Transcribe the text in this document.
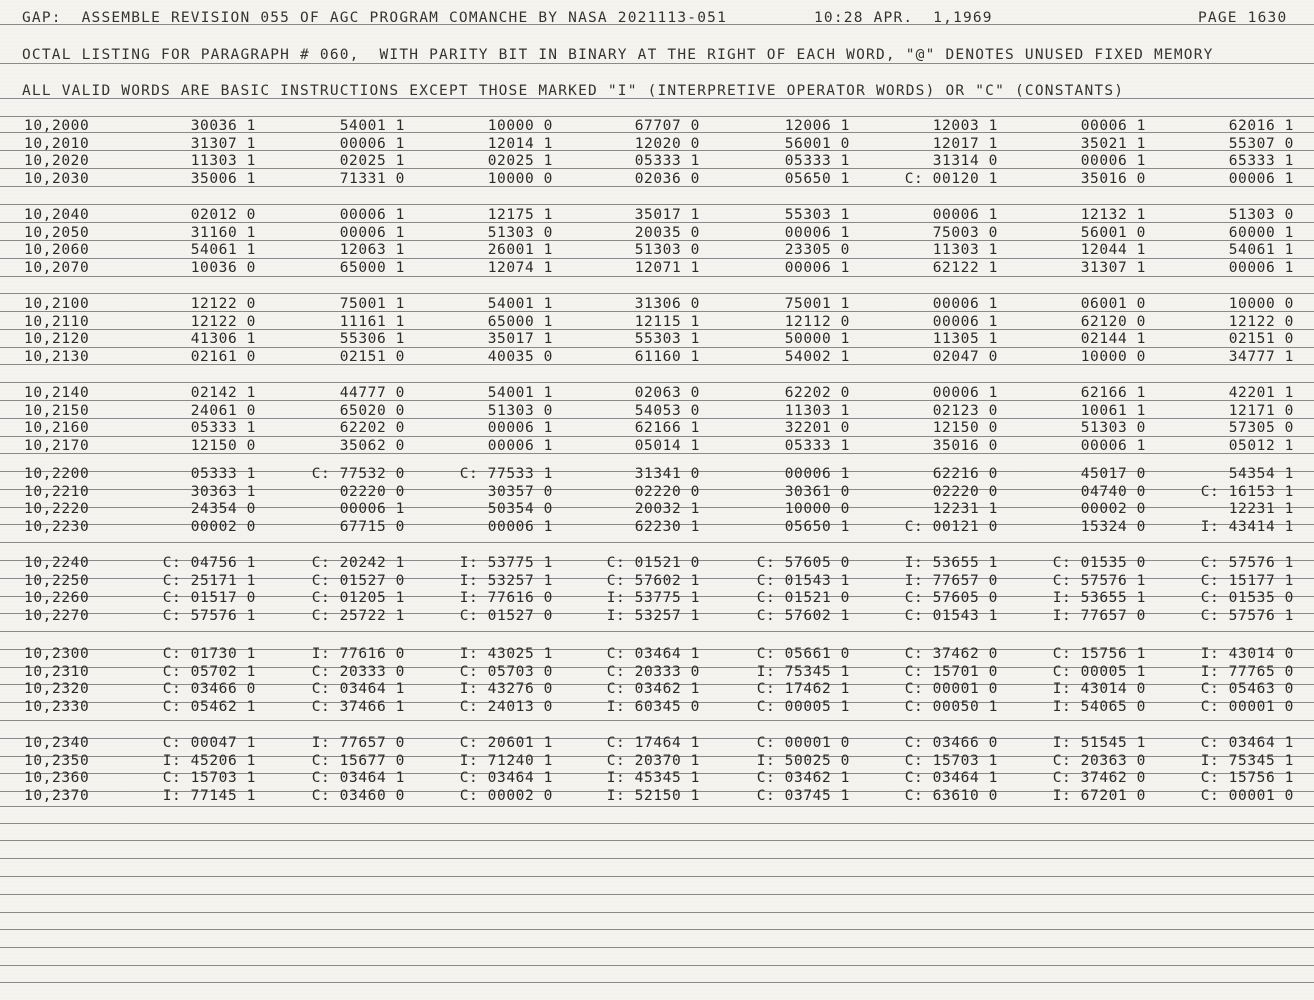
GAP:  ASSEMBLE REVISION 055 OF AGC PROGRAM COMANCHE BY NASA 2021113-051	10:28 APR.  1,1969	PAGE 1630
OCTAL LISTING FOR PARAGRAPH # 060,  WITH PARITY BIT IN BINARY AT THE RIGHT OF EACH WORD, "@" DENOTES UNUSED FIXED MEMORY
ALL VALID WORDS ARE BASIC INSTRUCTIONS EXCEPT THOSE MARKED "I" (INTERPRETIVE OPERATOR WORDS) OR "C" (CONSTANTS)
10,2000	30036 1	54001 1	10000 0	67707 0	12006 1	12003 1	00006 1	62016 1
10,2010	31307 1	00006 1	12014 1	12020 0	56001 0	12017 1	35021 1	55307 0
10,2020	11303 1	02025 1	02025 1	05333 1	05333 1	31314 0	00006 1	65333 1
10,2030	35006 1	71331 0	10000 0	02036 0	05650 1	C: 00120 1	35016 0	00006 1
10,2040	02012 0	00006 1	12175 1	35017 1	55303 1	00006 1	12132 1	51303 0
10,2050	31160 1	00006 1	51303 0	20035 0	00006 1	75003 0	56001 0	60000 1
10,2060	54061 1	12063 1	26001 1	51303 0	23305 0	11303 1	12044 1	54061 1
10,2070	10036 0	65000 1	12074 1	12071 1	00006 1	62122 1	31307 1	00006 1
10,2100	12122 0	75001 1	54001 1	31306 0	75001 1	00006 1	06001 0	10000 0
10,2110	12122 0	11161 1	65000 1	12115 1	12112 0	00006 1	62120 0	12122 0
10,2120	41306 1	55306 1	35017 1	55303 1	50000 1	11305 1	02144 1	02151 0
10,2130	02161 0	02151 0	40035 0	61160 1	54002 1	02047 0	10000 0	34777 1
10,2140	02142 1	44777 0	54001 1	02063 0	62202 0	00006 1	62166 1	42201 1
10,2150	24061 0	65020 0	51303 0	54053 0	11303 1	02123 0	10061 1	12171 0
10,2160	05333 1	62202 0	00006 1	62166 1	32201 0	12150 0	51303 0	57305 0
10,2170	12150 0	35062 0	00006 1	05014 1	05333 1	35016 0	00006 1	05012 1
10,2200	05333 1	C: 77532 0	C: 77533 1	31341 0	00006 1	62216 0	45017 0	54354 1
10,2210	30363 1	02220 0	30357 0	02220 0	30361 0	02220 0	04740 0	C: 16153 1
10,2220	24354 0	00006 1	50354 0	20032 1	10000 0	12231 1	00002 0	12231 1
10,2230	00002 0	67715 0	00006 1	62230 1	05650 1	C: 00121 0	15324 0	I: 43414 1
10,2240	C: 04756 1	C: 20242 1	I: 53775 1	C: 01521 0	C: 57605 0	I: 53655 1	C: 01535 0	C: 57576 1
10,2250	C: 25171 1	C: 01527 0	I: 53257 1	C: 57602 1	C: 01543 1	I: 77657 0	C: 57576 1	C: 15177 1
10,2260	C: 01517 0	C: 01205 1	I: 77616 0	I: 53775 1	C: 01521 0	C: 57605 0	I: 53655 1	C: 01535 0
10,2270	C: 57576 1	C: 25722 1	C: 01527 0	I: 53257 1	C: 57602 1	C: 01543 1	I: 77657 0	C: 57576 1
10,2300	C: 01730 1	I: 77616 0	I: 43025 1	C: 03464 1	C: 05661 0	C: 37462 0	C: 15756 1	I: 43014 0
10,2310	C: 05702 1	C: 20333 0	C: 05703 0	C: 20333 0	I: 75345 1	C: 15701 0	C: 00005 1	I: 77765 0
10,2320	C: 03466 0	C: 03464 1	I: 43276 0	C: 03462 1	C: 17462 1	C: 00001 0	I: 43014 0	C: 05463 0
10,2330	C: 05462 1	C: 37466 1	C: 24013 0	I: 60345 0	C: 00005 1	C: 00050 1	I: 54065 0	C: 00001 0
10,2340	C: 00047 1	I: 77657 0	C: 20601 1	C: 17464 1	C: 00001 0	C: 03466 0	I: 51545 1	C: 03464 1
10,2350	I: 45206 1	C: 15677 0	I: 71240 1	C: 20370 1	I: 50025 0	C: 15703 1	C: 20363 0	I: 75345 1
10,2360	C: 15703 1	C: 03464 1	C: 03464 1	I: 45345 1	C: 03462 1	C: 03464 1	C: 37462 0	C: 15756 1
10,2370	I: 77145 1	C: 03460 0	C: 00002 0	I: 52150 1	C: 03745 1	C: 63610 0	I: 67201 0	C: 00001 0
